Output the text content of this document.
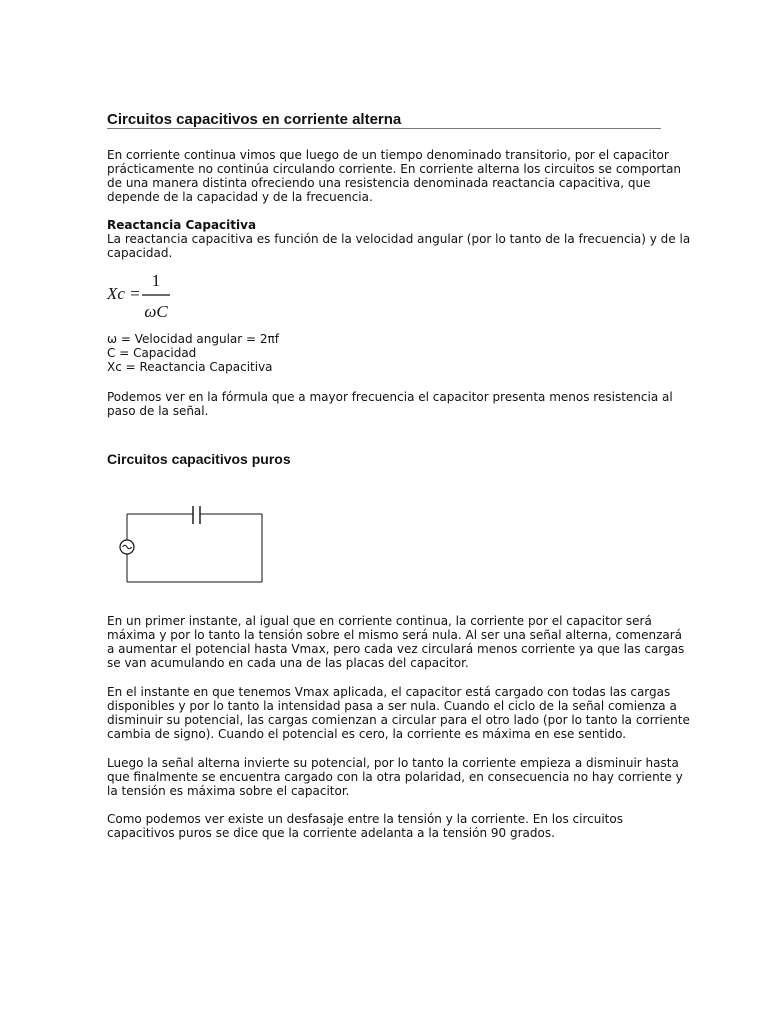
Circuitos capacitivos en corriente alterna
En corriente continua vimos que luego de un tiempo denominado transitorio, por el capacitor
prácticamente no continúa circulando corriente. En corriente alterna los circuitos se comportan
de una manera distinta ofreciendo una resistencia denominada reactancia capacitiva, que
depende de la capacidad y de la frecuencia.
Reactancia Capacitiva
La reactancia capacitiva es función de la velocidad angular (por lo tanto de la frecuencia) y de la
capacidad.
Xc =
1
ωC
ω = Velocidad angular = 2πf
C = Capacidad
Xc = Reactancia Capacitiva
Podemos ver en la fórmula que a mayor frecuencia el capacitor presenta menos resistencia al
paso de la señal.
Circuitos capacitivos puros
En un primer instante, al igual que en corriente continua, la corriente por el capacitor será
máxima y por lo tanto la tensión sobre el mismo será nula. Al ser una señal alterna, comenzará
a aumentar el potencial hasta Vmax, pero cada vez circulará menos corriente ya que las cargas
se van acumulando en cada una de las placas del capacitor.
En el instante en que tenemos Vmax aplicada, el capacitor está cargado con todas las cargas
disponibles y por lo tanto la intensidad pasa a ser nula. Cuando el ciclo de la señal comienza a
disminuir su potencial, las cargas comienzan a circular para el otro lado (por lo tanto la corriente
cambia de signo). Cuando el potencial es cero, la corriente es máxima en ese sentido.
Luego la señal alterna invierte su potencial, por lo tanto la corriente empieza a disminuir hasta
que finalmente se encuentra cargado con la otra polaridad, en consecuencia no hay corriente y
la tensión es máxima sobre el capacitor.
Como podemos ver existe un desfasaje entre la tensión y la corriente. En los circuitos
capacitivos puros se dice que la corriente adelanta a la tensión 90 grados.
